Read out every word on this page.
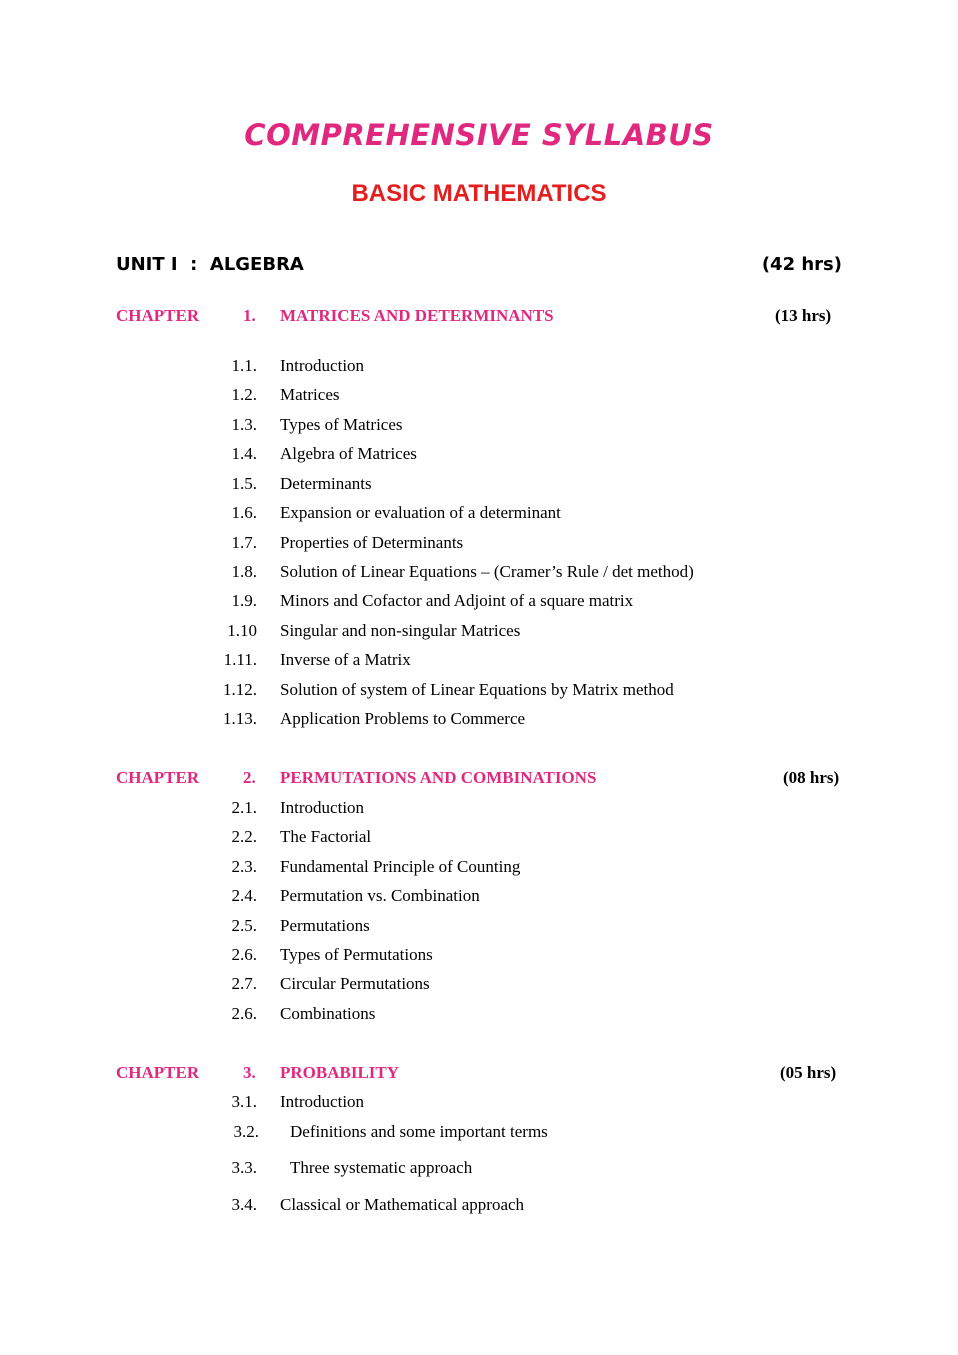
COMPREHENSIVE SYLLABUS
BASIC MATHEMATICS
UNIT I  :  ALGEBRA	(42 hrs)
CHAPTER	1. MATRICES AND DETERMINANTS	(13 hrs)
1.1. Introduction
1.2. Matrices
1.3. Types of Matrices
1.4. Algebra of Matrices
1.5. Determinants
1.6. Expansion or evaluation of a determinant
1.7. Properties of Determinants
1.8. Solution of Linear Equations – (Cramer’s Rule / det method)
1.9. Minors and Cofactor and Adjoint of a square matrix
1.10 Singular and non-singular Matrices
1.11. Inverse of a Matrix
1.12. Solution of system of Linear Equations by Matrix method
1.13. Application Problems to Commerce
CHAPTER	2. PERMUTATIONS AND COMBINATIONS	(08 hrs)
2.1. Introduction
2.2. The Factorial
2.3. Fundamental Principle of Counting
2.4. Permutation vs. Combination
2.5. Permutations
2.6. Types of Permutations
2.7. Circular Permutations
2.6. Combinations
CHAPTER	3. PROBABILITY	(05 hrs)
3.1. Introduction
3.2. Definitions and some important terms
3.3. Three systematic approach
3.4. Classical or Mathematical approach
